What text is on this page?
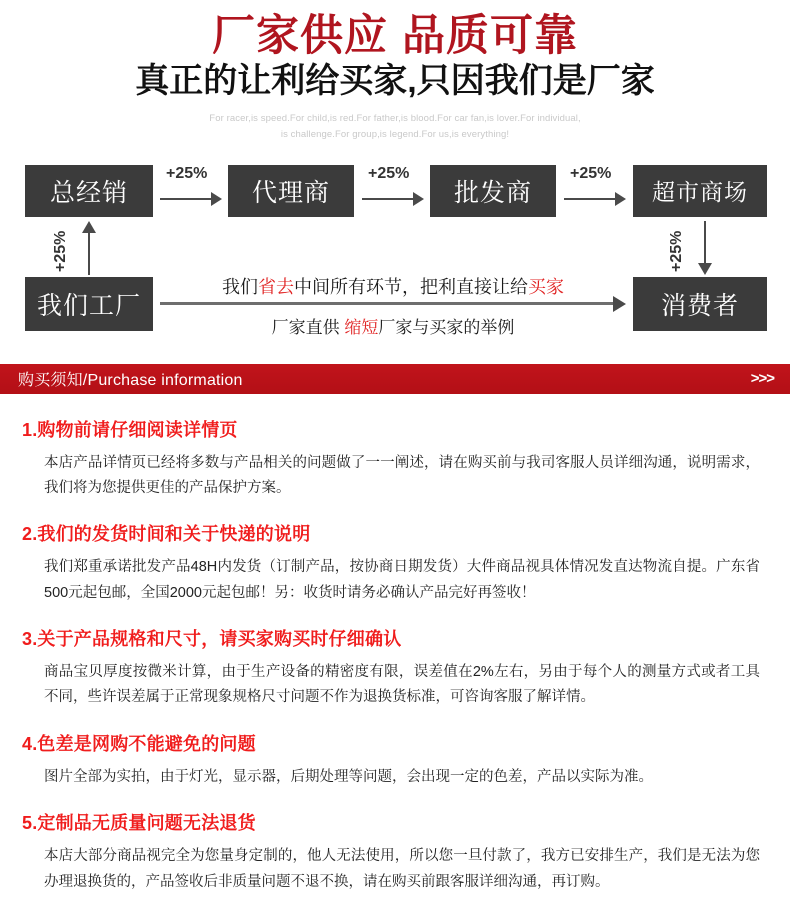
厂家供应 品质可靠
真正的让利给买家,只因我们是厂家
For racer,is speed.For child,is red.For father,is blood.For car fan,is lover.For individual,
is challenge.For group,is legend.For us,is everything!
总经销	代理商	批发商	超市商场
我们工厂	消费者
+25%	+25%	+25%
+25%	+25%
我们省去中间所有环节，把利直接让给买家
厂家直供 缩短厂家与买家的举例
购买须知/Purchase information	>>>
1.购物前请仔细阅读详情页
本店产品详情页已经将多数与产品相关的问题做了一一阐述，请在购买前与我司客服人员详细沟通，说明需求，我们将为您提供更佳的产品保护方案。
2.我们的发货时间和关于快递的说明
我们郑重承诺批发产品48H内发货（订制产品，按协商日期发货）大件商品视具体情况发直达物流自提。广东省500元起包邮，全国2000元起包邮！另：收货时请务必确认产品完好再签收！
3.关于产品规格和尺寸，请买家购买时仔细确认
商品宝贝厚度按微米计算，由于生产设备的精密度有限，误差值在2%左右，另由于每个人的测量方式或者工具不同，些许误差属于正常现象规格尺寸问题不作为退换货标准，可咨询客服了解详情。
4.色差是网购不能避免的问题
图片全部为实拍，由于灯光，显示器，后期处理等问题，会出现一定的色差，产品以实际为准。
5.定制品无质量问题无法退货
本店大部分商品视完全为您量身定制的，他人无法使用，所以您一旦付款了，我方已安排生产，我们是无法为您办理退换货的，产品签收后非质量问题不退不换，请在购买前跟客服详细沟通，再订购。
